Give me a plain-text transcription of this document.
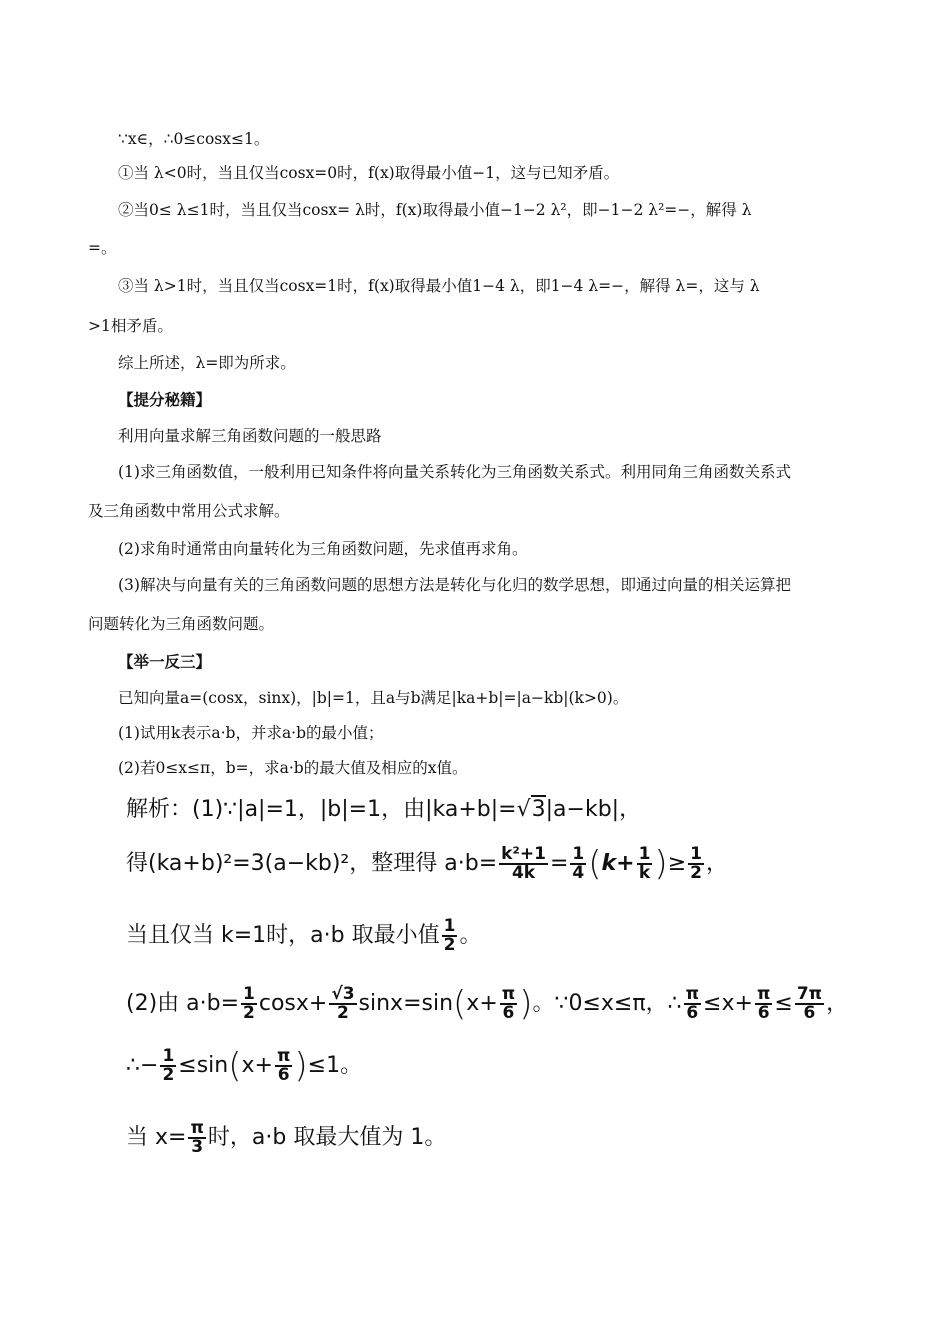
∵x∈，∴0≤cosx≤1。
①当 λ<0时，当且仅当cosx=0时，f(x)取得最小值−1，这与已知矛盾。
②当0≤ λ≤1时，当且仅当cosx= λ时，f(x)取得最小值−1−2 λ²，即−1−2 λ²=−，解得 λ
=。
③当 λ>1时，当且仅当cosx=1时，f(x)取得最小值1−4 λ，即1−4 λ=−，解得 λ=，这与 λ
>1相矛盾。
综上所述，λ=即为所求。
【提分秘籍】
利用向量求解三角函数问题的一般思路
(1)求三角函数值，一般利用已知条件将向量关系转化为三角函数关系式。利用同角三角函数关系式
及三角函数中常用公式求解。
(2)求角时通常由向量转化为三角函数问题，先求值再求角。
(3)解决与向量有关的三角函数问题的思想方法是转化与化归的数学思想，即通过向量的相关运算把
问题转化为三角函数问题。
【举一反三】
已知向量a=(cosx，sinx)，|b|=1，且a与b满足|ka+b|=|a−kb|(k>0)。
(1)试用k表示a·b，并求a·b的最小值；
(2)若0≤x≤π，b=，求a·b的最大值及相应的x值。
解析：(1)∵|a|=1，|b|=1，由|ka+b|=√3|a−kb|，
得(ka+b)²=3(a−kb)²，整理得 $a\cdot b= \frac{\text{k²+1}}{4k} = \frac{1}{4} (k+ \frac{1}{k}$ )≥ $\frac{1}{2}$ ，
当且仅当 k=1时，a·b 取最小值 $\frac{1}{2}$ 。
(2)由 $a\cdot b= \frac{1}{2} \cos x+ \frac{√3}{2} \sin x=\sin(x+ \frac{\pi}{6}$ )。∵0≤x≤π，∴ $\frac{\pi}{6} \le x+ \frac{\pi}{6} \le \frac{7\pi}{6}$ ，
∴− $\frac{1}{2} \le\sin(x+ \frac{\pi}{6} )\le 1$。
当 $x= \frac{\pi}{3}$ 时，a·b 取最大值为 1。
